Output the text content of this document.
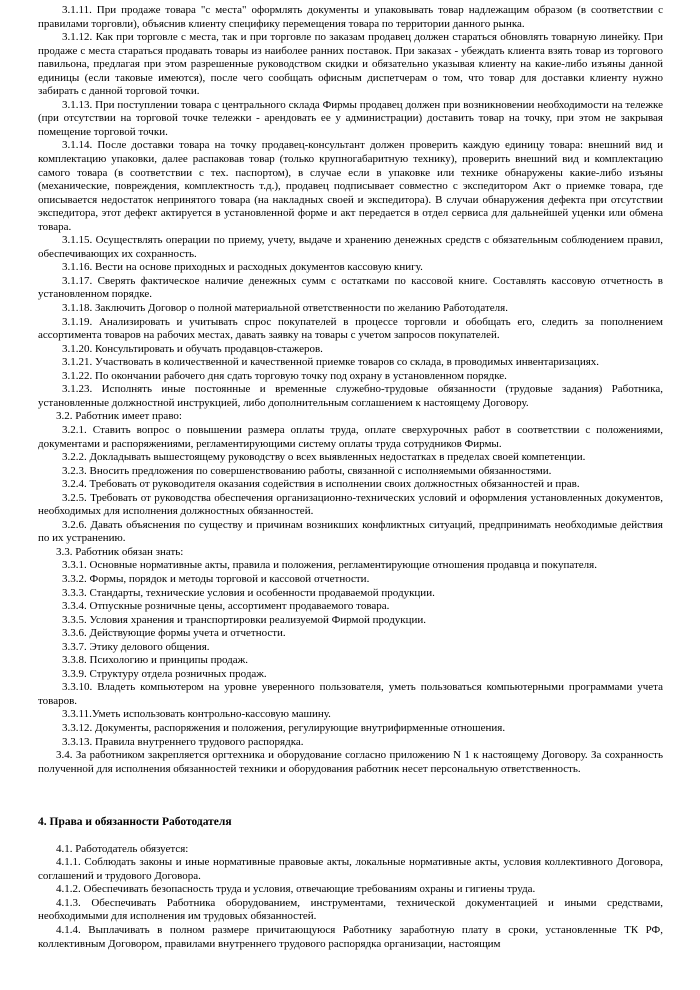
3.1.11. При продаже товара "с места" оформлять документы и упаковывать товар надлежащим образом (в соответствии с правилами торговли), объяснив клиенту специфику перемещения товара по территории данного рынка.

3.1.12. Как при торговле с места, так и при торговле по заказам продавец должен стараться обновлять товарную линейку. При продаже с места стараться продавать товары из наиболее ранних поставок. При заказах - убеждать клиента взять товар из торгового павильона, предлагая при этом разрешенные руководством скидки и обязательно указывая клиенту на какие-либо изъяны данной единицы (если таковые имеются), после чего сообщать офисным диспетчерам о том, что товар для доставки клиенту нужно забирать с данной торговой точки.

3.1.13. При поступлении товара с центрального склада Фирмы продавец должен при возникновении необходимости на тележке (при отсутствии на торговой точке тележки - арендовать ее у администрации) доставить товар на точку, при этом не закрывая помещение торговой точки.

3.1.14. После доставки товара на точку продавец-консультант должен проверить каждую единицу товара: внешний вид и комплектацию упаковки, далее распаковав товар (только крупногабаритную технику), проверить внешний вид и комплектацию самого товара (в соответствии с тех. паспортом), в случае если в упаковке или технике обнаружены какие-либо изъяны (механические, повреждения, комплектность т.д.), продавец подписывает совместно с экспедитором Акт о приемке товара, где описывается недостаток непринятого товара (на накладных своей и экспедитора). В случаи обнаружения дефекта при отсутствии экспедитора, этот дефект актируется в установленной форме и акт передается в отдел сервиса для дальнейшей уценки или обмена товара.

3.1.15. Осуществлять операции по приему, учету, выдаче и хранению денежных средств с обязательным соблюдением правил, обеспечивающих их сохранность.

3.1.16. Вести на основе приходных и расходных документов кассовую книгу.

3.1.17. Сверять фактическое наличие денежных сумм с остатками по кассовой книге. Составлять кассовую отчетность в установленном порядке.

3.1.18. Заключить Договор о полной материальной ответственности по желанию Работодателя.

3.1.19. Анализировать и учитывать спрос покупателей в процессе торговли и обобщать его, следить за пополнением ассортимента товаров на рабочих местах, давать заявку на товары с учетом запросов покупателей.

3.1.20. Консультировать и обучать продавцов-стажеров.

3.1.21. Участвовать в количественной и качественной приемке товаров со склада, в проводимых инвентаризациях.

3.1.22. По окончании рабочего дня сдать торговую точку под охрану в установленном порядке.

3.1.23. Исполнять иные постоянные и временные служебно-трудовые обязанности (трудовые задания) Работника, установленные должностной инструкцией, либо дополнительным соглашением к настоящему Договору.

3.2. Работник имеет право:

3.2.1. Ставить вопрос о повышении размера оплаты труда, оплате сверхурочных работ в соответствии с положениями, документами и распоряжениями, регламентирующими систему оплаты труда сотрудников Фирмы.

3.2.2. Докладывать вышестоящему руководству о всех выявленных недостатках в пределах своей компетенции.

3.2.3. Вносить предложения по совершенствованию работы, связанной с исполняемыми обязанностями.

3.2.4. Требовать от руководителя оказания содействия в исполнении своих должностных обязанностей и прав.

3.2.5. Требовать от руководства обеспечения организационно-технических условий и оформления установленных документов, необходимых для исполнения должностных обязанностей.

3.2.6. Давать объяснения по существу и причинам возникших конфликтных ситуаций, предпринимать необходимые действия по их устранению.

3.3. Работник обязан знать:

3.3.1. Основные нормативные акты, правила и положения, регламентирующие отношения продавца и покупателя.

3.3.2. Формы, порядок и методы торговой и кассовой отчетности.

3.3.3. Стандарты, технические условия и особенности продаваемой продукции.

3.3.4. Отпускные розничные цены, ассортимент продаваемого товара.

3.3.5. Условия хранения и транспортировки реализуемой Фирмой продукции.

3.3.6. Действующие формы учета и отчетности.

3.3.7. Этику делового общения.

3.3.8. Психологию и принципы продаж.

3.3.9. Структуру отдела розничных продаж.

3.3.10. Владеть компьютером на уровне уверенного пользователя, уметь пользоваться компьютерными программами учета товаров.

3.3.11.Уметь использовать контрольно-кассовую машину.

3.3.12. Документы, распоряжения и положения, регулирующие внутрифирменные отношения.

3.3.13. Правила внутреннего трудового распорядка.

3.4. За работником закрепляется оргтехника и оборудование согласно приложению N 1 к настоящему Договору. За сохранность полученной для исполнения обязанностей техники и оборудования работник несет персональную ответственность.

4. Права и обязанности Работодателя

4.1. Работодатель обязуется:

4.1.1. Соблюдать законы и иные нормативные правовые акты, локальные нормативные акты, условия коллективного Договора, соглашений и трудового Договора.

4.1.2. Обеспечивать безопасность труда и условия, отвечающие требованиям охраны и гигиены труда.

4.1.3. Обеспечивать Работника оборудованием, инструментами, технической документацией и иными средствами, необходимыми для исполнения им трудовых обязанностей.

4.1.4. Выплачивать в полном размере причитающуюся Работнику заработную плату в сроки, установленные ТК РФ, коллективным Договором, правилами внутреннего трудового распорядка организации, настоящим
